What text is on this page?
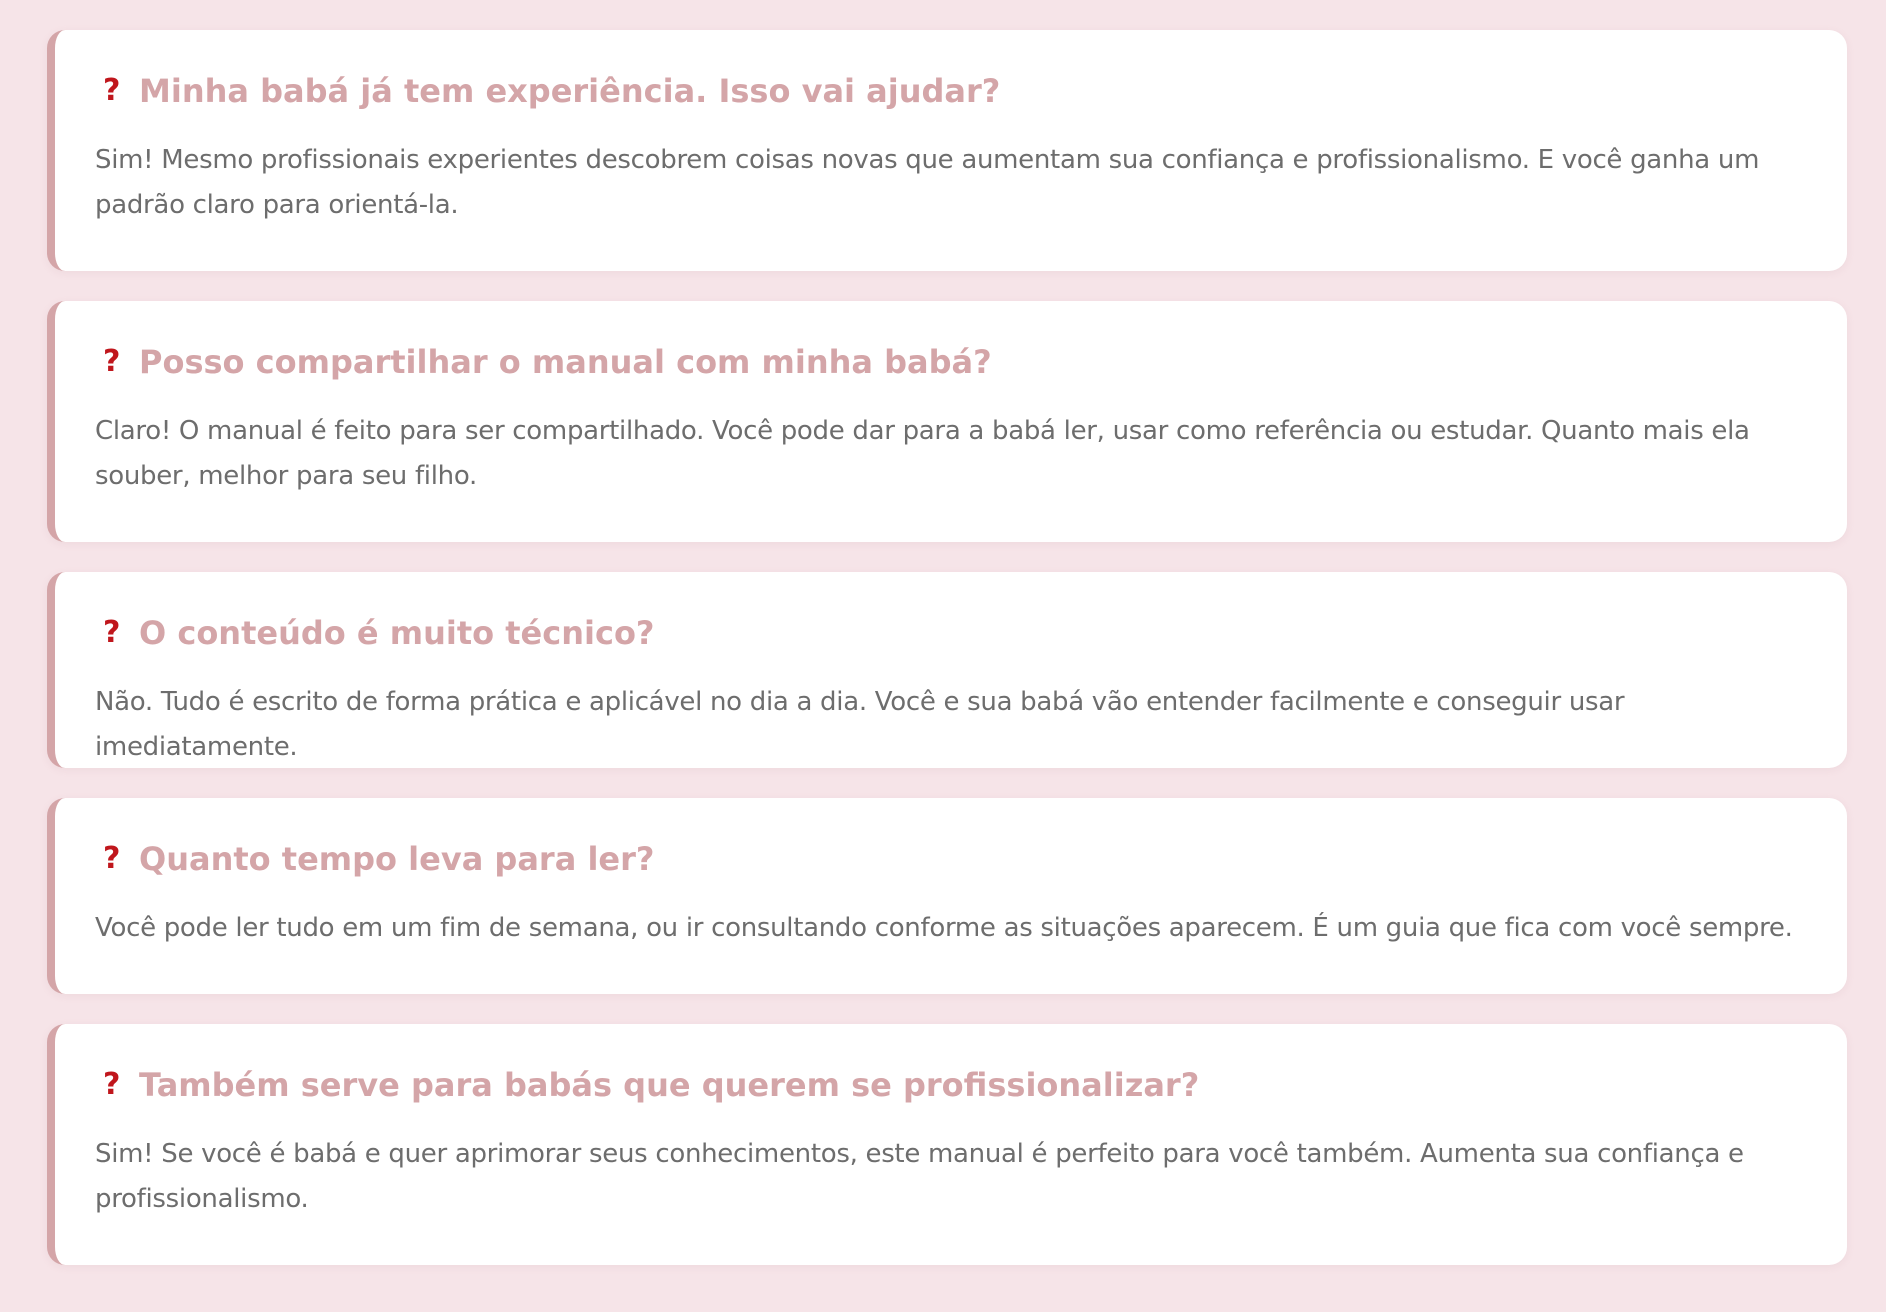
? Minha babá já tem experiência. Isso vai ajudar?

Sim! Mesmo profissionais experientes descobrem coisas novas que aumentam sua confiança e profissionalismo. E você ganha um padrão claro para orientá-la.

? Posso compartilhar o manual com minha babá?

Claro! O manual é feito para ser compartilhado. Você pode dar para a babá ler, usar como referência ou estudar. Quanto mais ela souber, melhor para seu filho.

? O conteúdo é muito técnico?

Não. Tudo é escrito de forma prática e aplicável no dia a dia. Você e sua babá vão entender facilmente e conseguir usar imediatamente.

? Quanto tempo leva para ler?

Você pode ler tudo em um fim de semana, ou ir consultando conforme as situações aparecem. É um guia que fica com você sempre.

? Também serve para babás que querem se profissionalizar?

Sim! Se você é babá e quer aprimorar seus conhecimentos, este manual é perfeito para você também. Aumenta sua confiança e profissionalismo.
